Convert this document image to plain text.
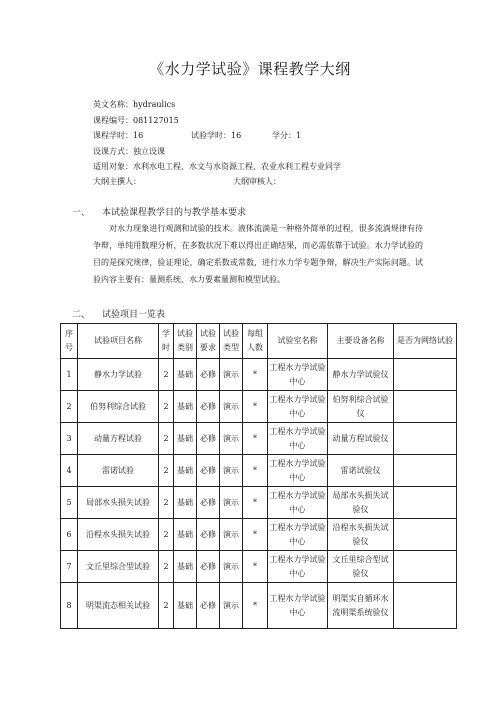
《水力学试验》课程教学大纲
英文名称：hydraulics
课程编号：081127015
课程学时：16	试验学时：16	学分：1
设课方式：独立设课
适用对象：水利水电工程、水文与水资源工程、农业水利工程专业同学
大纲主撰人：	大纲审核人：
一、 本试验课程教学目的与教学基本要求
对水力现象进行观测和试验的技术。液体流淌是一种格外简单的过程，很多流淌规律有待争辩，单纯用数理分析，在多数状况下难以得出正确结果，而必需依靠于试验。水力学试验的目的是探究规律，验证理论，确定系数或常数，进行水力学专题争辩，解决生产实际问题。试验内容主要有：量测系统、水力要素量测和模型试验。
二、 试验项目一览表
序号	试验项目名称	学时	试验类别	试验要求	试验类型	每组人数	试验室名称	主要设备名称	是否为网络试验
1	静水力学试验	2	基础	必修	演示	*	工程水力学试验中心	静水力学试验仪	
2	伯努利综合试验	2	基础	必修	演示	*	工程水力学试验中心	伯努利综合试验仪	
3	动量方程试验	2	基础	必修	演示	*	工程水力学试验中心	动量方程试验仪	
4	雷诺试验	2	基础	必修	演示	*	工程水力学试验中心	雷诺试验仪	
5	局部水头损失试验	2	基础	必修	演示	*	工程水力学试验中心	局部水头损失试验仪	
6	沿程水头损失试验	2	基础	必修	演示	*	工程水力学试验中心	沿程水头损失试验仪	
7	文丘里综合型试验	2	基础	必修	演示	*	工程水力学试验中心	文丘里综合型试验仪	
8	明渠流态相关试验	2	基础	必修	演示	*	工程水力学试验中心	明渠实自循环水流明渠系统验仪	
